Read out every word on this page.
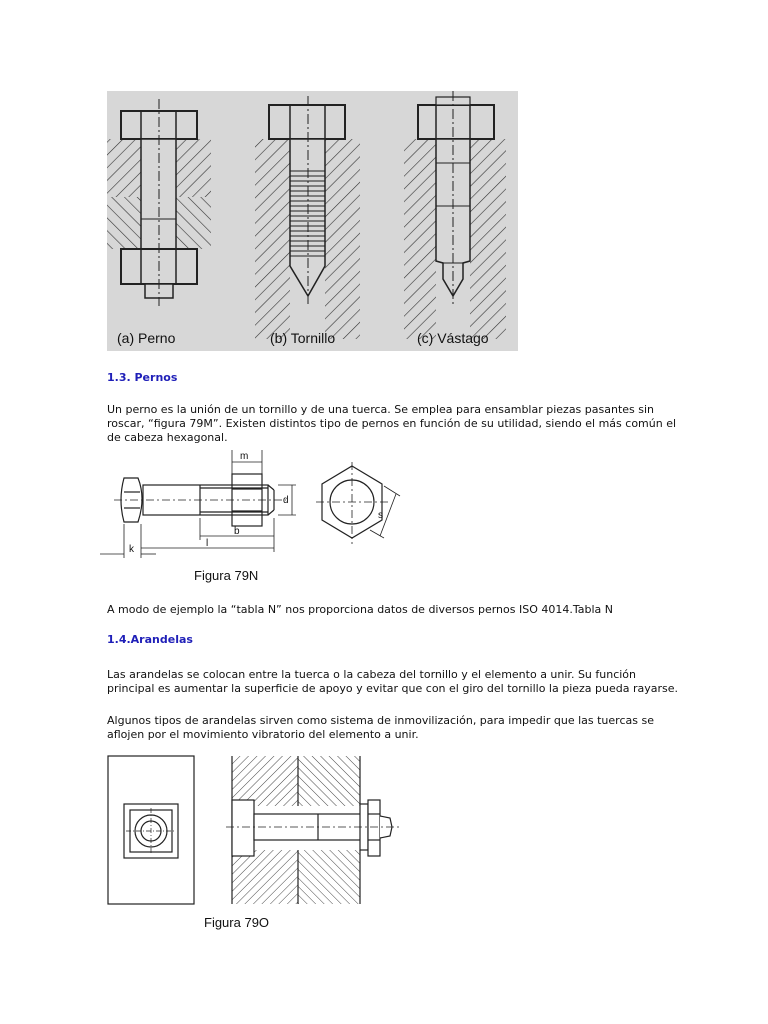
(a) Perno	(b) Tornillo	(c) Vástago
1.3. Pernos
Un perno es la unión de un tornillo y de una tuerca. Se emplea para ensamblar piezas pasantes sin
roscar, “figura 79M”. Existen distintos tipo de pernos en función de su utilidad, siendo el más común el
de cabeza hexagonal.
m
d
b
k
l
s
Figura 79N
A modo de ejemplo la “tabla N” nos proporciona datos de diversos pernos ISO 4014.Tabla N
1.4.Arandelas
Las arandelas se colocan entre la tuerca o la cabeza del tornillo y el elemento a unir. Su función
principal es aumentar la superficie de apoyo y evitar que con el giro del tornillo la pieza pueda rayarse.
Algunos tipos de arandelas sirven como sistema de inmovilización, para impedir que las tuercas se
aflojen por el movimiento vibratorio del elemento a unir.
Figura 79O
